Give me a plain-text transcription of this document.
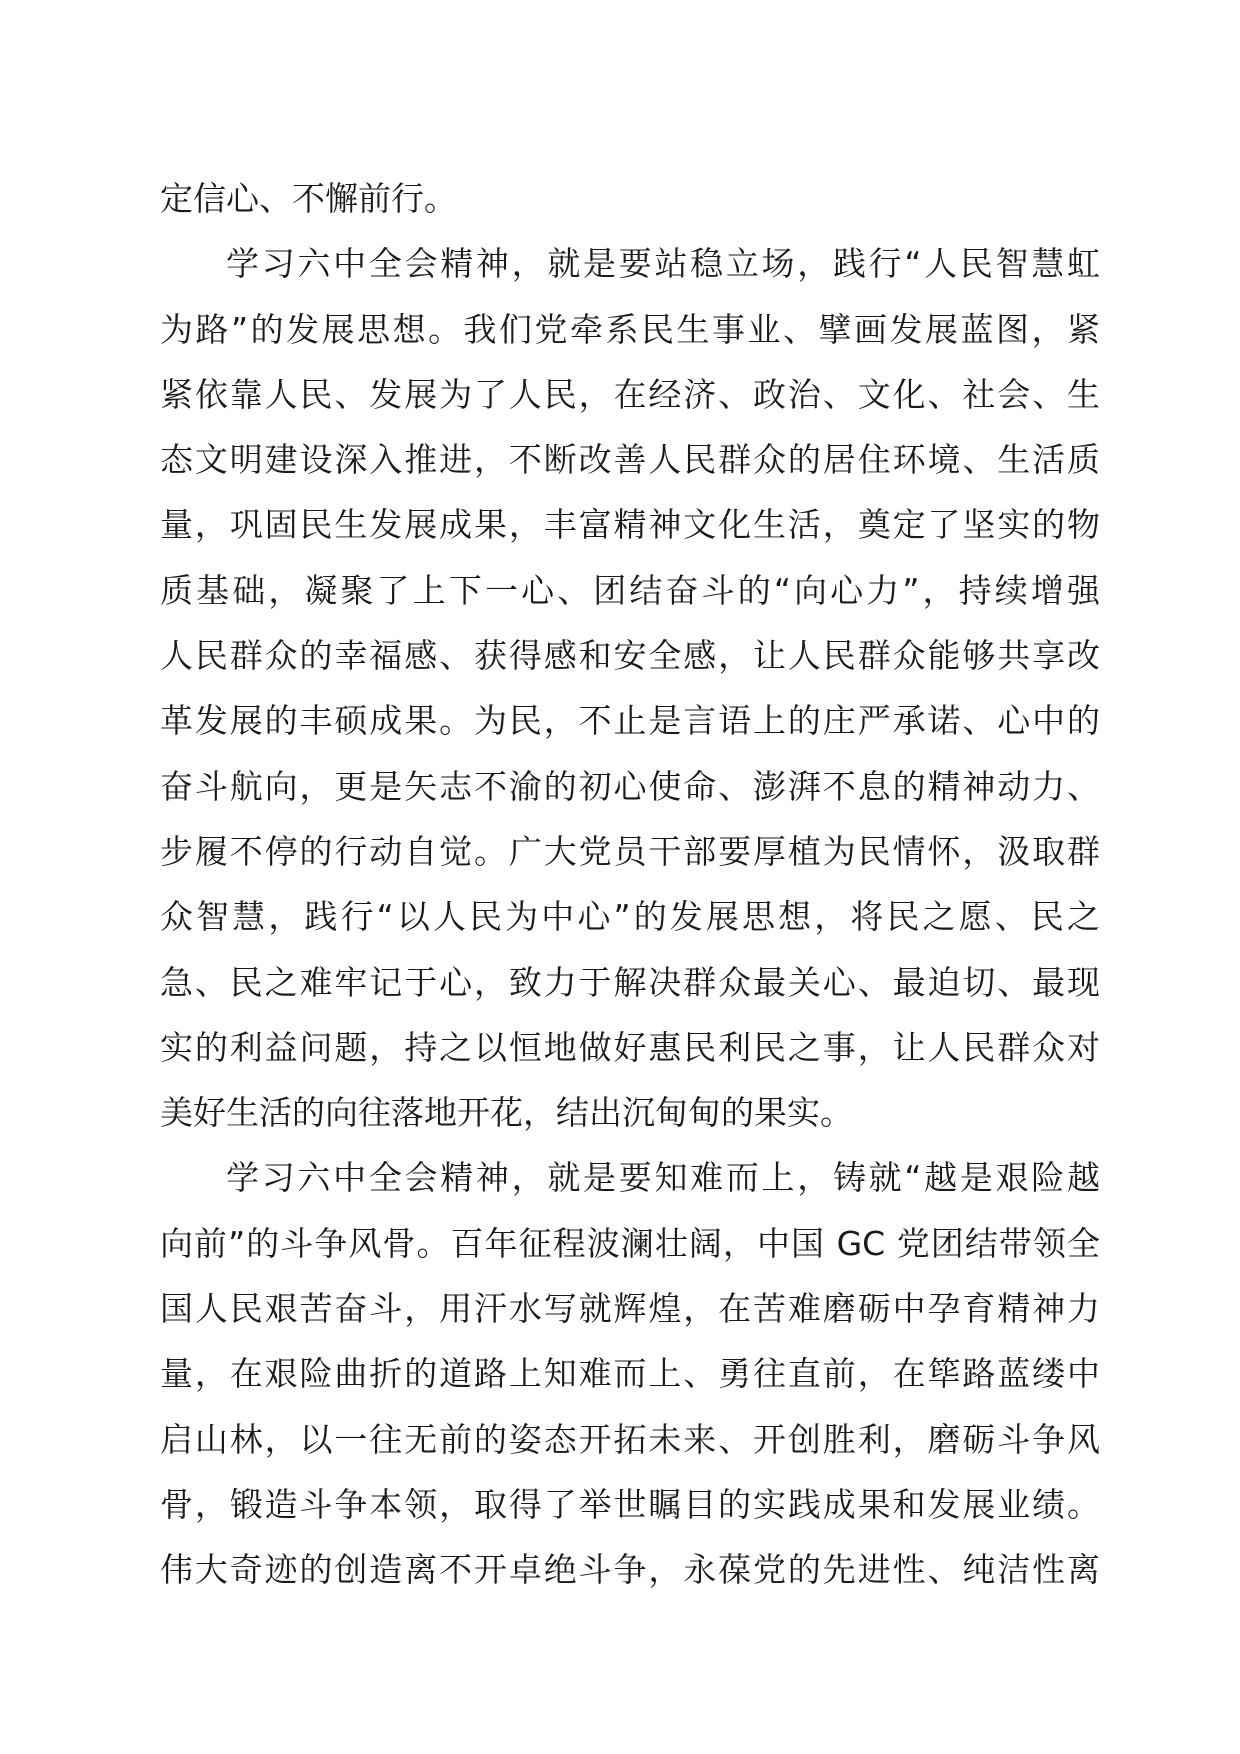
定信心、不懈前行。
学习六中全会精神，就是要站稳立场，践行“人民智慧虹
为路”的发展思想。我们党牵系民生事业、擘画发展蓝图，紧
紧依靠人民、发展为了人民，在经济、政治、文化、社会、生
态文明建设深入推进，不断改善人民群众的居住环境、生活质
量，巩固民生发展成果，丰富精神文化生活，奠定了坚实的物
质基础，凝聚了上下一心、团结奋斗的“向心力”，持续增强
人民群众的幸福感、获得感和安全感，让人民群众能够共享改
革发展的丰硕成果。为民，不止是言语上的庄严承诺、心中的
奋斗航向，更是矢志不渝的初心使命、澎湃不息的精神动力、
步履不停的行动自觉。广大党员干部要厚植为民情怀，汲取群
众智慧，践行“以人民为中心”的发展思想，将民之愿、民之
急、民之难牢记于心，致力于解决群众最关心、最迫切、最现
实的利益问题，持之以恒地做好惠民利民之事，让人民群众对
美好生活的向往落地开花，结出沉甸甸的果实。
学习六中全会精神，就是要知难而上，铸就“越是艰险越
向前”的斗争风骨。百年征程波澜壮阔，中国 GC 党团结带领全
国人民艰苦奋斗，用汗水写就辉煌，在苦难磨砺中孕育精神力
量，在艰险曲折的道路上知难而上、勇往直前，在筚路蓝缕中
启山林，以一往无前的姿态开拓未来、开创胜利，磨砺斗争风
骨，锻造斗争本领，取得了举世瞩目的实践成果和发展业绩。
伟大奇迹的创造离不开卓绝斗争，永葆党的先进性、纯洁性离
